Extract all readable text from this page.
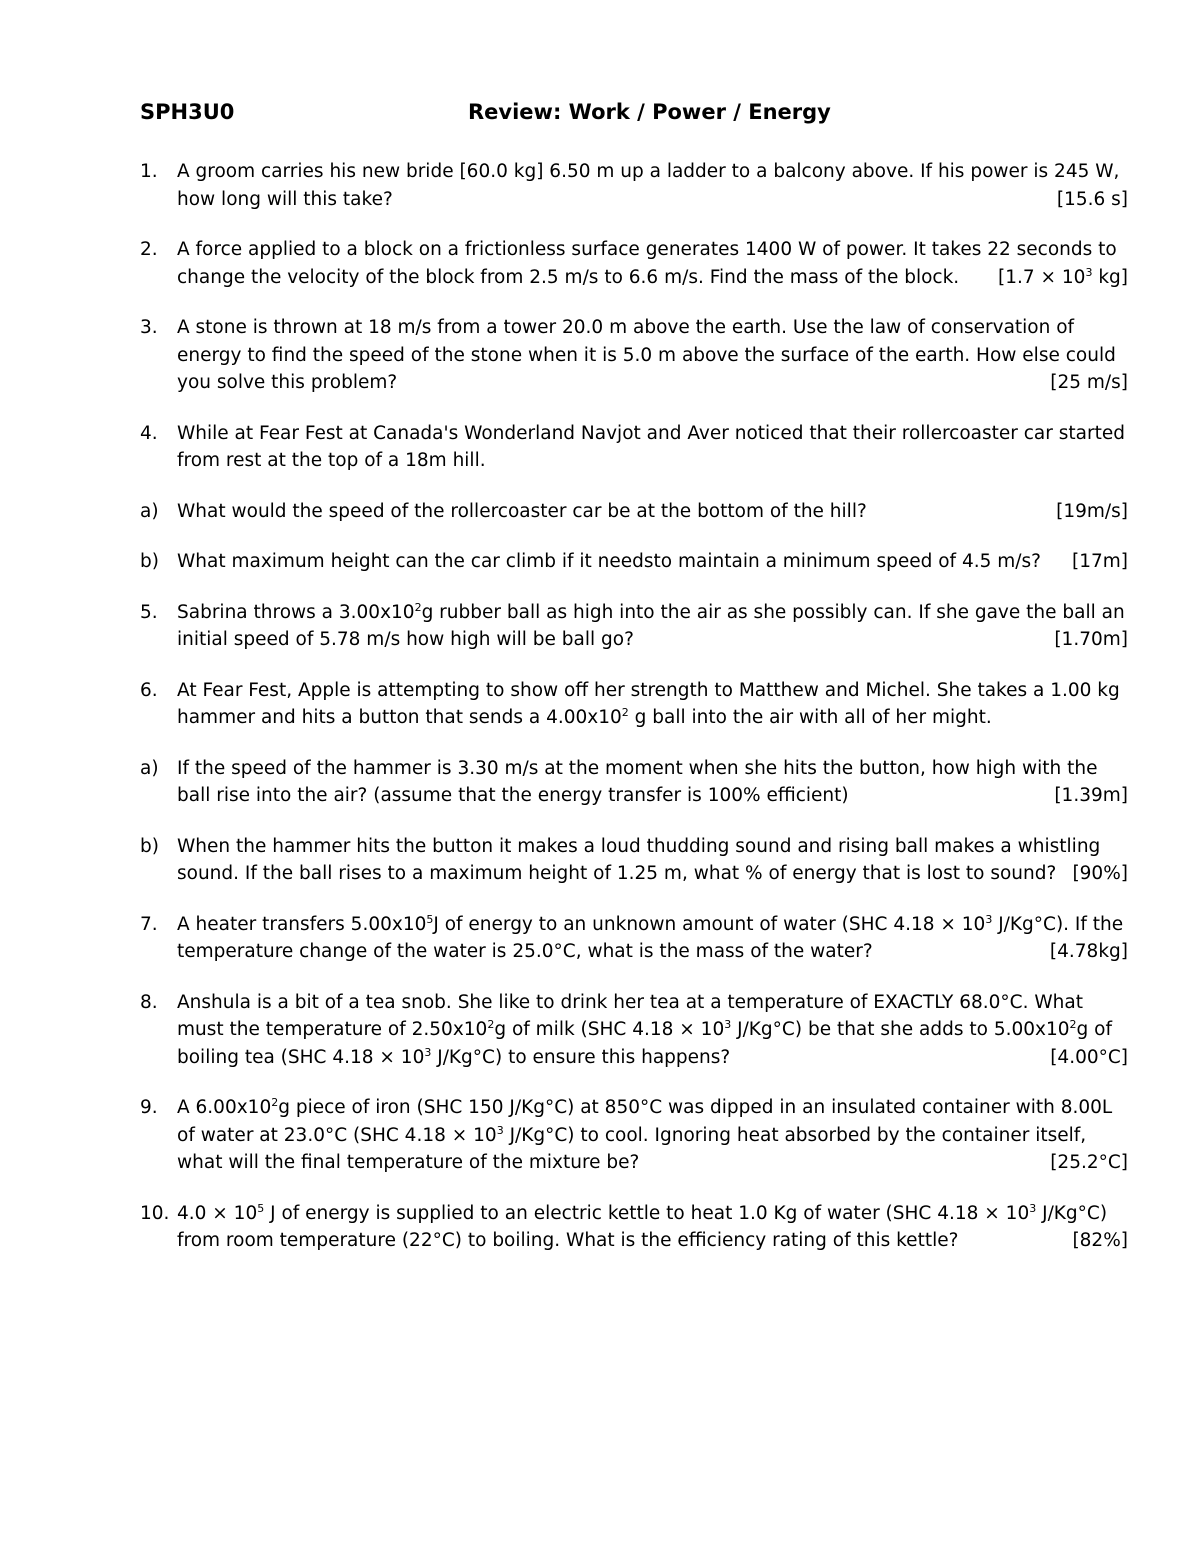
SPH3U0	Review: Work / Power / Energy
1. A groom carries his new bride [60.0 kg] 6.50 m up a ladder to a balcony above. If his power is 245 W, how long will this take?	[15.6 s]
2. A force applied to a block on a frictionless surface generates 1400 W of power. It takes 22 seconds to change the velocity of the block from 2.5 m/s to 6.6 m/s. Find the mass of the block. [$1.7 \times 10^3$ kg]
3. A stone is thrown at 18 m/s from a tower 20.0 m above the earth. Use the law of conservation of energy to find the speed of the stone when it is 5.0 m above the surface of the earth. How else could you solve this problem?	[25 m/s]
4. While at Fear Fest at Canada's Wonderland Navjot and Aver noticed that their rollercoaster car started from rest at the top of a 18m hill.
a) What would the speed of the rollercoaster car be at the bottom of the hill?	[19m/s]
b) What maximum height can the car climb if it needsto maintain a minimum speed of 4.5 m/s? [17m]
5. Sabrina throws a $3.00x10^2g$ rubber ball as high into the air as she possibly can. If she gave the ball an initial speed of 5.78 m/s how high will be ball go?	[1.70m]
6. At Fear Fest, Apple is attempting to show off her strength to Matthew and Michel. She takes a 1.00 kg hammer and hits a button that sends a $4.00x10^2$ g ball into the air with all of her might.
a) If the speed of the hammer is 3.30 m/s at the moment when she hits the button, how high with the ball rise into the air? (assume that the energy transfer is 100% efficient)	[1.39m]
b) When the hammer hits the button it makes a loud thudding sound and rising ball makes a whistling sound. If the ball rises to a maximum height of 1.25 m, what % of energy that is lost to sound? [90%]
7. A heater transfers $5.00x10^5J$ of energy to an unknown amount of water (SHC $4.18 \times 10^3$ J/Kg°C). If the temperature change of the water is 25.0°C, what is the mass of the water?	[4.78kg]
8. Anshula is a bit of a tea snob. She like to drink her tea at a temperature of EXACTLY 68.0°C. What must the temperature of $2.50x10^2g$ of milk (SHC $4.18 \times 10^3$ J/Kg°C) be that she adds to $5.00x10^2g$ of boiling tea (SHC $4.18 \times 10^3$ J/Kg°C) to ensure this happens?	[4.00°C]
9. A $6.00x10^2g$ piece of iron (SHC 150 J/Kg°C) at 850°C was dipped in an insulated container with 8.00L of water at 23.0°C (SHC $4.18 \times 10^3$ J/Kg°C) to cool. Ignoring heat absorbed by the container itself, what will the final temperature of the mixture be?	[25.2°C]
10. $4.0 \times 10^5$ J of energy is supplied to an electric kettle to heat 1.0 Kg of water (SHC $4.18 \times 10^3$ J/Kg°C) from room temperature (22°C) to boiling. What is the efficiency rating of this kettle?	[82%]
